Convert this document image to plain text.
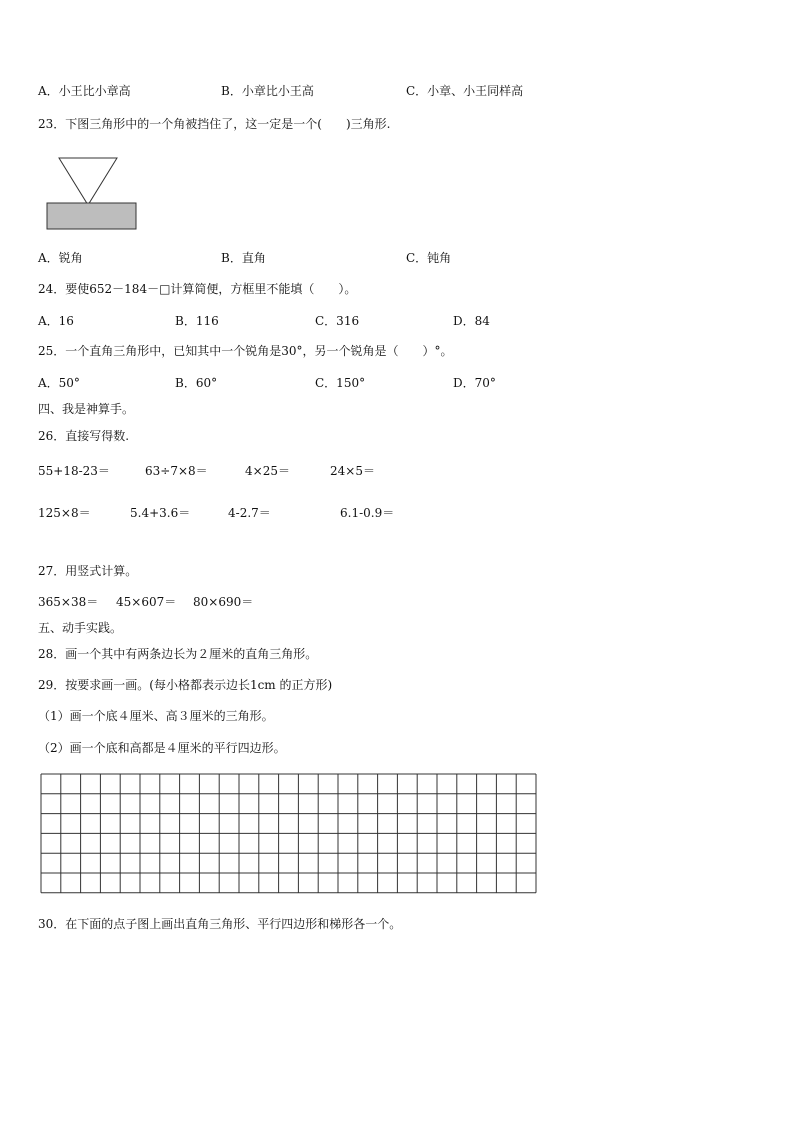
A．小王比小章高	B．小章比小王高	C．小章、小王同样高
23．下图三角形中的一个角被挡住了，这一定是一个(　　)三角形.
A．锐角	B．直角	C．钝角
24．要使652－184－□计算简便，方框里不能填（　　）。
A．16	B．116	C．316	D．84
25．一个直角三角形中，已知其中一个锐角是30°，另一个锐角是（　　）°。
A．50°	B．60°	C．150°	D．70°
四、我是神算手。
26．直接写得数.
55+18-23＝	63÷7×8＝	4×25＝	24×5＝
125×8＝	5.4+3.6＝	4-2.7＝	6.1-0.9＝
27．用竖式计算。
365×38＝ 45×607＝ 80×690＝
五、动手实践。
28．画一个其中有两条边长为２厘米的直角三角形。
29．按要求画一画。(每小格都表示边长1cm 的正方形)
（1）画一个底４厘米、高３厘米的三角形。
（2）画一个底和高都是４厘米的平行四边形。
30．在下面的点子图上画出直角三角形、平行四边形和梯形各一个。
